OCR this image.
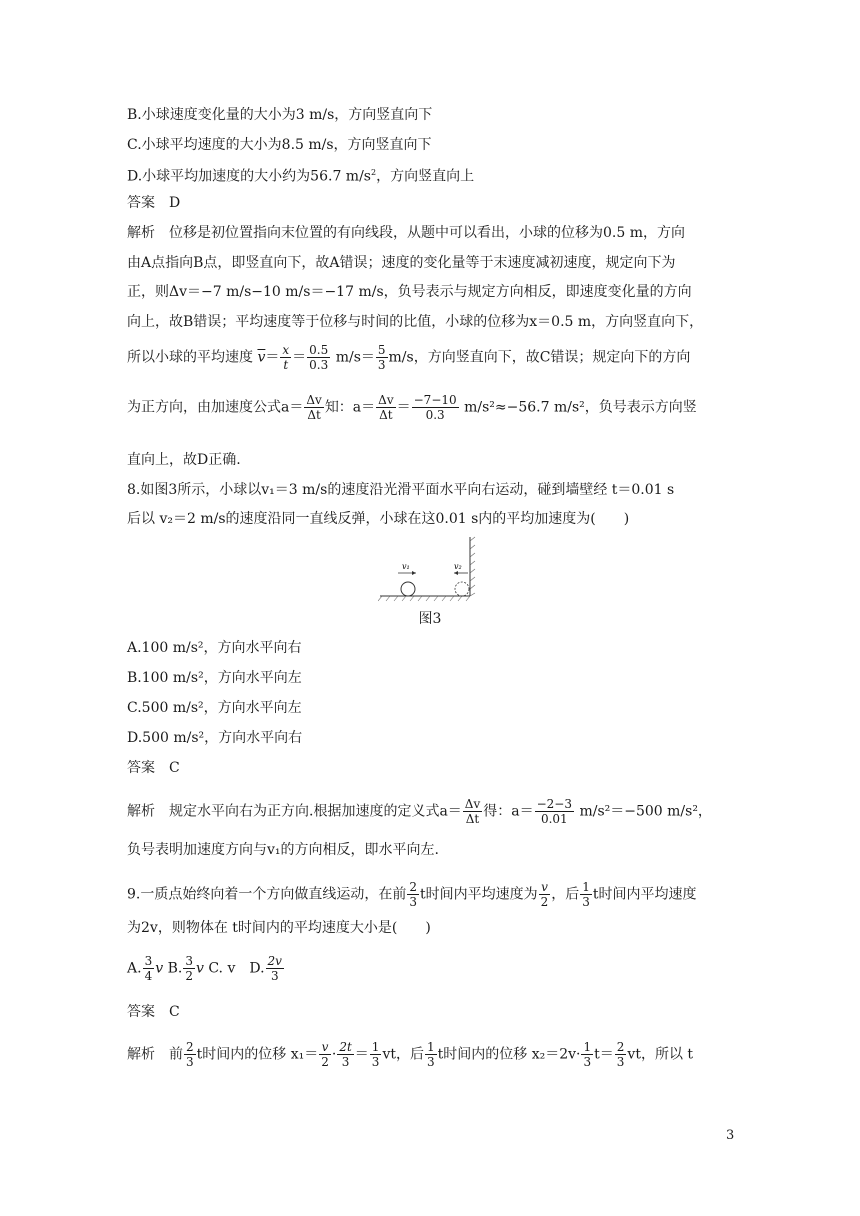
B.小球速度变化量的大小为3 m/s，方向竖直向下
C.小球平均速度的大小为8.5 m/s，方向竖直向下
D.小球平均加速度的大小约为56.7 $m/s^2$，方向竖直向上
答案　D
解析　位移是初位置指向末位置的有向线段，从题中可以看出，小球的位移为0.5 m，方向
由A点指向B点，即竖直向下，故A错误；速度的变化量等于末速度减初速度，规定向下为
正，则Δv＝−7 m/s−10 m/s＝−17 m/s，负号表示与规定方向相反，即速度变化量的方向
向上，故B错误；平均速度等于位移与时间的比值，小球的位移为x＝0.5 m，方向竖直向下，
所以小球的平均速度 $\overline{v}= \frac{x}{t} = \frac{0.5}{0.3} m/s= \frac{5}{3} m/s$，方向竖直向下，故C错误；规定向下的方向
为正方向，由加速度公式$a= \frac{\Delta v}{\Delta t}$ 知：$a= \frac{\Delta v}{\Delta t} = \frac{-7-10}{0.3} m/s^2\approx-56.7$ m/s²，负号表示方向竖
直向上，故D正确.
8.如图3所示，小球以v₁＝3 m/s的速度沿光滑平面水平向右运动，碰到墙壁经 t＝0.01 s
后以 v₂＝2 m/s的速度沿同一直线反弹，小球在这0.01 s内的平均加速度为(　　)
v₁	v₂
图3
A.100 m/s²，方向水平向右
B.100 m/s²，方向水平向左
C.500 m/s²，方向水平向左
D.500 m/s²，方向水平向右
答案　C
解析　规定水平向右为正方向.根据加速度的定义式$a= \frac{\Delta v}{\Delta t}$ 得：$a= \frac{-2-3}{0.01} m/s^2=-500$ m/s²，
负号表明加速度方向与v₁的方向相反，即水平向左.
9.一质点始终向着一个方向做直线运动，在前 $\frac{2}{3}$ t时间内平均速度为 $\frac{v}{2}$ ，后 $\frac{1}{3}$ t时间内平均速度
为2v，则物体在 t时间内的平均速度大小是(　　)
A. $\frac{3}{4}$ v B. $\frac{3}{2}$ v C. v　D. $\frac{2v}{3}$
答案　C
解析　前 $\frac{2}{3}$ t时间内的位移 $x_1= \frac{v}{2} \cdot \frac{2t}{3} = \frac{1}{3}$ vt，后 $\frac{1}{3}$ t时间内的位移 $x_2=2v\cdot \frac{1}{3} t= \frac{2}{3}$ vt，所以 t
3
